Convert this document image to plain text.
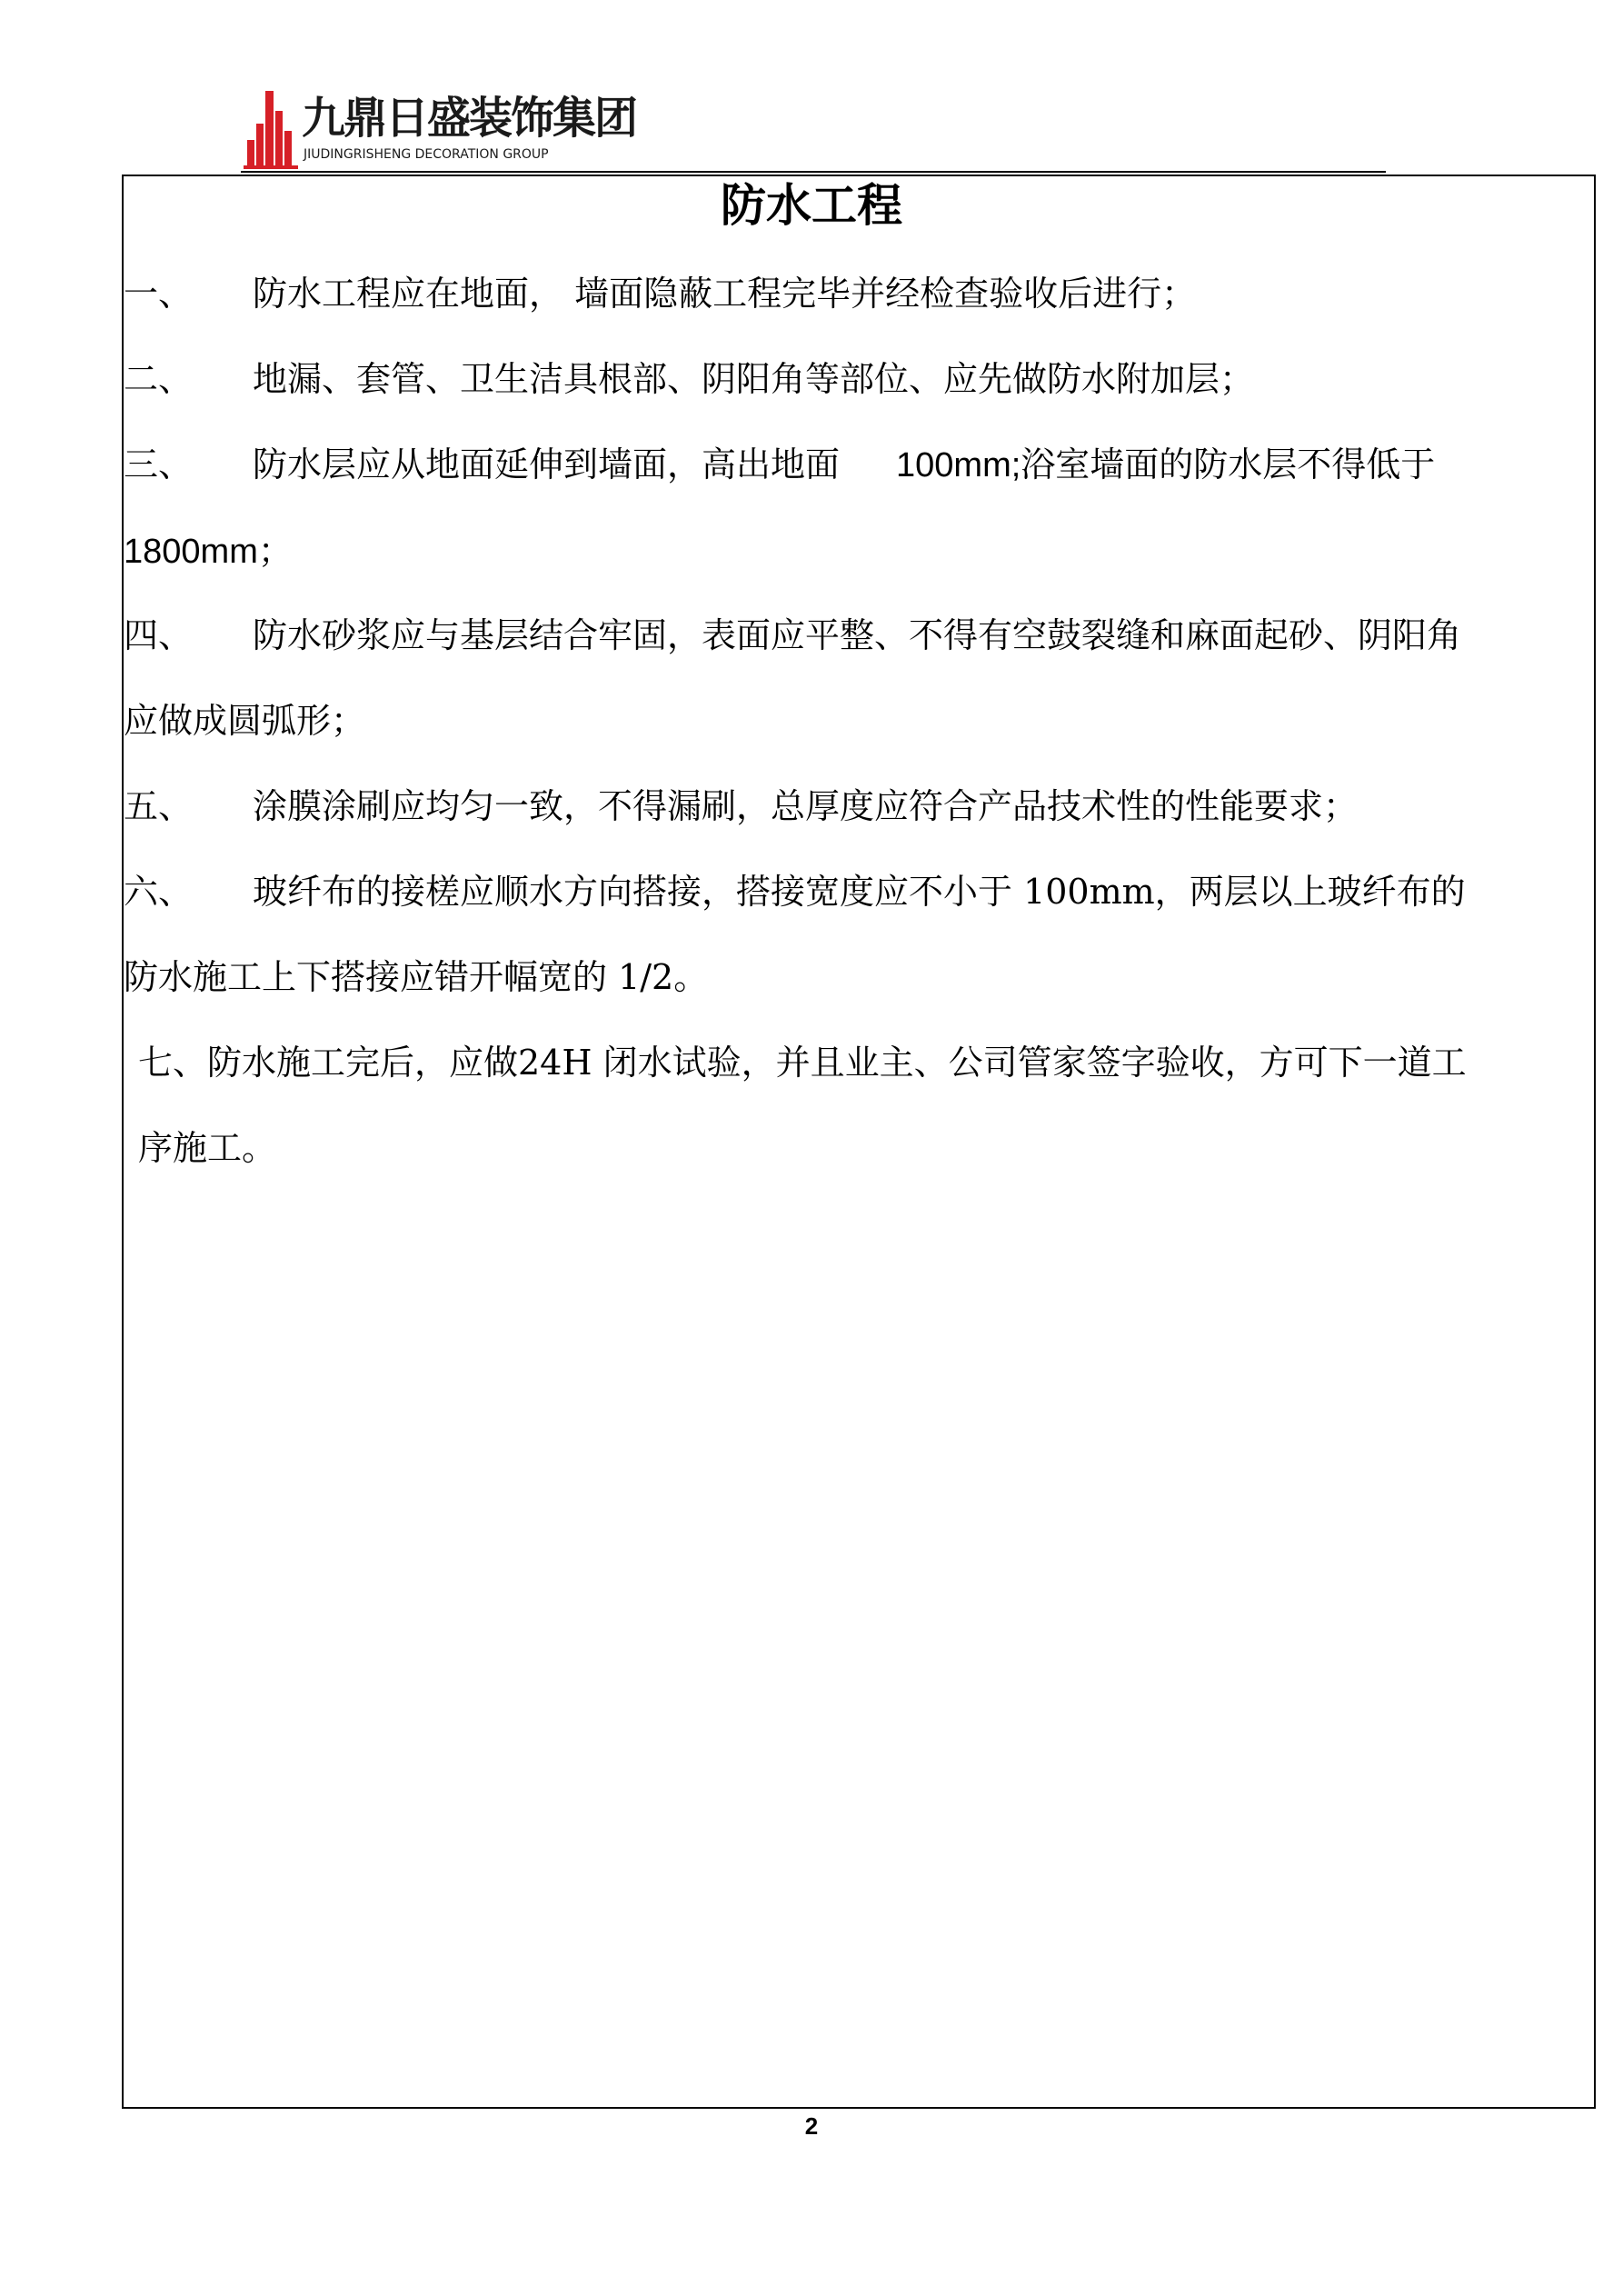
九鼎日盛装饰集团
JIUDINGRISHENG DECORATION GROUP
防水工程
一、 防水工程应在地面， 墙面隐蔽工程完毕并经检查验收后进行；
二、 地漏、套管、卫生洁具根部、阴阳角等部位、应先做防水附加层；
三、 防水层应从地面延伸到墙面，高出地面 100mm;浴室墙面的防水层不得低于
1800mm；
四、 防水砂浆应与基层结合牢固，表面应平整、不得有空鼓裂缝和麻面起砂、阴阳角
应做成圆弧形；
五、 涂膜涂刷应均匀一致，不得漏刷，总厚度应符合产品技术性的性能要求；
六、 玻纤布的接槎应顺水方向搭接，搭接宽度应不小于 100mm，两层以上玻纤布的
防水施工上下搭接应错开幅宽的 1/2。
七、防水施工完后，应做24H 闭水试验，并且业主、公司管家签字验收，方可下一道工
序施工。
2
